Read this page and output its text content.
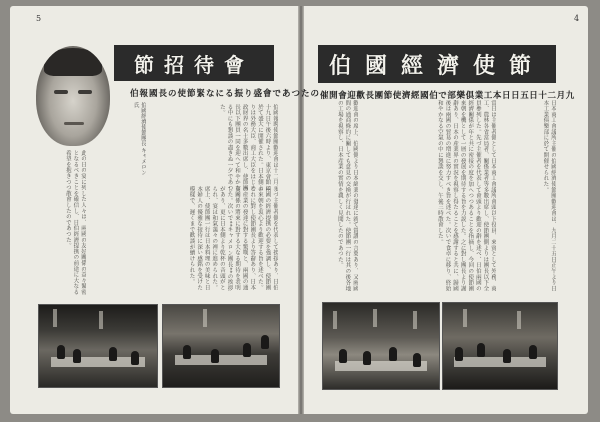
5
節招待會
のたつあで會盛り振るにな緊節使の長國報伯
伯國報聘使節團歡迎會は十二月二十九日午後六時より、東京會館に於て盛大に開催された。日本側よりは外務大臣、商工大臣をはじめ政財界の名士多數出席し、使節團長以下團員一同を迎へて和やかなる中にも懇談の盡きぬ一夕であつた。
まづ主催者側を代表して挨拶あり、日伯兩國の經濟提携の必要を強調し、使節團の來朝を衷心より歡迎する旨を述べた。これに對し使節團長より答辭あり、日本の産業の發達に對する驚嘆と、兩國の通商關係の將來に對する大なる期待を表明した。次いで**キャメロン團長**の挨拶があり、更に日本側より乾杯の音頭がとられ、宴は和氣藹々の裡に進められた。席上、使節團一行は日本料理の美味と日本婦人の優雅な接待に深い感銘を受けた模樣で、遲くまで歡談が續けられた。
此の日の宴に列した人々は、兩國の友好關係の益々緊密となるべきことを確信し、日伯經濟提携の前途に大なる希望を抱きつつ散會したのであつた。
伯國經濟使節團長 キャメロン氏
4
伯國經濟使節
九月二十日五日日本工業俱樂部で伯國經濟使節團長歡迎會開催
日本商工會議所主催の伯國經濟使節團歡迎會は、九月二十五日正午より日本工業俱樂部に於て開催せられた。
當日は主催者側として日本商工會議所會頭以下役員、來賓として外務、商工、農林各省當局者、關係業者等多數出席し、使節團側よりは團長以下全員參列した。先づ主催者を代表して會頭より歡迎の辭を述べ、日伯兩國の經濟關係が年と共に密接の度を加へつつあることを指摘し、今回の使節團來朝を機として一層の發展を期待する旨を力説した。之に對し團長より謝辭あり、日本の産業界の實況を視察し得たることを感謝すると共に、歸國後は兩國の貿易の増進に努力すべき旨を述べた。次いで食卓に移り、終始和やかなる空氣の中に懇談を交し、午後三時散會した。
歡迎會の席上、伯國側より日本綿業の發達に就て賞讚の言葉あり、又兩國間の通商條約に關しても意見の交換が行はれた。使節團一行は其の後各地の工場を視察し、日本産業の實情を親しく見聞したのであつた。
